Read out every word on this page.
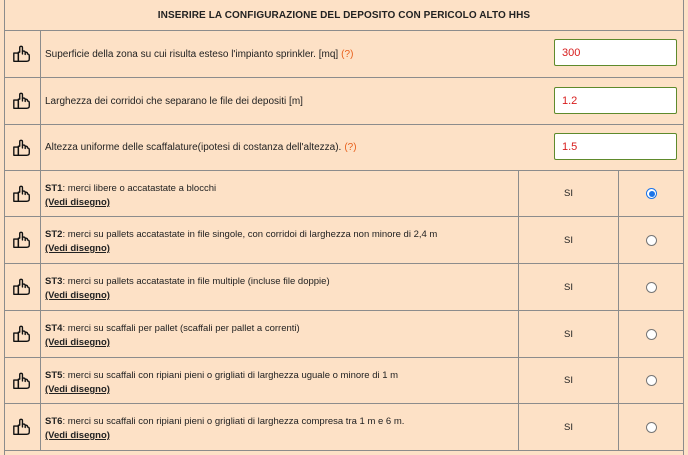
INSERIRE LA CONFIGURAZIONE DEL DEPOSITO CON PERICOLO ALTO HHS
Superficie della zona su cui risulta esteso l'impianto sprinkler. [mq] (?)
300
Larghezza dei corridoi che separano le file dei depositi [m]
1.2
Altezza uniforme delle scaffalature(ipotesi di costanza dell'altezza). (?)
1.5
ST1: merci libere o accatastate a blocchi
(Vedi disegno)
SI
ST2: merci su pallets accatastate in file singole, con corridoi di larghezza non minore di 2,4 m
(Vedi disegno)
SI
ST3: merci su pallets accatastate in file multiple (incluse file doppie)
(Vedi disegno)
SI
ST4: merci su scaffali per pallet (scaffali per pallet a correnti)
(Vedi disegno)
SI
ST5: merci su scaffali con ripiani pieni o grigliati di larghezza uguale o minore di 1 m
(Vedi disegno)
SI
ST6: merci su scaffali con ripiani pieni o grigliati di larghezza compresa tra 1 m e 6 m.
(Vedi disegno)
SI
